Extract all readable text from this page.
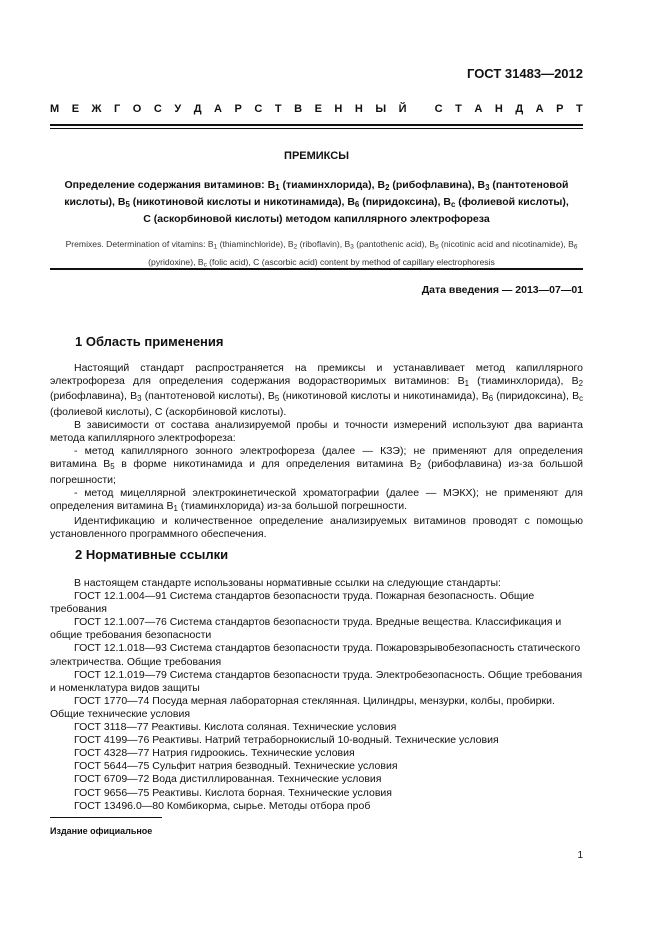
ГОСТ 31483—2012
М Е Ж Г О С У Д А Р С Т В Е Н Н Ы Й
	С Т А Н Д А Р Т
ПРЕМИКСЫ
Определение содержания витаминов: $B_1$ (тиаминхлорида), $B_2$ (рибофлавина), $B_3$ (пантотеновой кислоты), $B_5$ (никотиновой кислоты и никотинамида), $B_6$ (пиридоксина), $B_c$ (фолиевой кислоты),
C (аскорбиновой кислоты) методом капиллярного электрофореза
Premixes. Determination of vitamins: $B_1$ (thiaminchloride), $B_2$ (riboflavin), $B_3$ (pantothenic acid), $B_5$ (nicotinic acid and nicotinamide), $B_6$ (pyridoxine), $B_c$ (folic acid), C (ascorbic acid) content by method of capillary electrophoresis
Дата введения — 2013—07—01
1 Область применения

Настоящий стандарт распространяется на премиксы и устанавливает метод капиллярного электрофореза для определения содержания водорастворимых витаминов: $B_1$ (тиаминхлорида), $B_2$ (рибофлавина), $B_3$ (пантотеновой кислоты), $B_5$ (никотиновой кислоты и никотинамида), $B_6$ (пиридоксина), $B_c$ (фолиевой кислоты), C (аскорбиновой кислоты).

В зависимости от состава анализируемой пробы и точности измерений используют два варианта метода капиллярного электрофореза:

- метод капиллярного зонного электрофореза (далее — КЗЭ); не применяют для определения витамина $B_5$ в форме никотинамида и для определения витамина $B_2$ (рибофлавина) из-за большой погрешности;

- метод мицеллярной электрокинетической хроматографии (далее — МЭКХ); не применяют для определения витамина $B_1$ (тиаминхлорида) из-за большой погрешности.

Идентификацию и количественное определение анализируемых витаминов проводят с помощью установленного программного обеспечения.

2 Нормативные ссылки

В настоящем стандарте использованы нормативные ссылки на следующие стандарты:

ГОСТ 12.1.004—91 Система стандартов безопасности труда. Пожарная безопасность. Общие требования

ГОСТ 12.1.007—76 Система стандартов безопасности труда. Вредные вещества. Классификация и общие требования безопасности

ГОСТ 12.1.018—93 Система стандартов безопасности труда. Пожаровзрывобезопасность статического электричества. Общие требования

ГОСТ 12.1.019—79 Система стандартов безопасности труда. Электробезопасность. Общие требования и номенклатура видов защиты

ГОСТ 1770—74 Посуда мерная лабораторная стеклянная. Цилиндры, мензурки, колбы, пробирки. Общие технические условия

ГОСТ 3118—77 Реактивы. Кислота соляная. Технические условия

ГОСТ 4199—76 Реактивы. Натрий тетраборнокислый 10-водный. Технические условия

ГОСТ 4328—77 Натрия гидроокись. Технические условия

ГОСТ 5644—75 Сульфит натрия безводный. Технические условия

ГОСТ 6709—72 Вода дистиллированная. Технические условия

ГОСТ 9656—75 Реактивы. Кислота борная. Технические условия

ГОСТ 13496.0—80 Комбикорма, сырье. Методы отбора проб

Издание официальное
1
